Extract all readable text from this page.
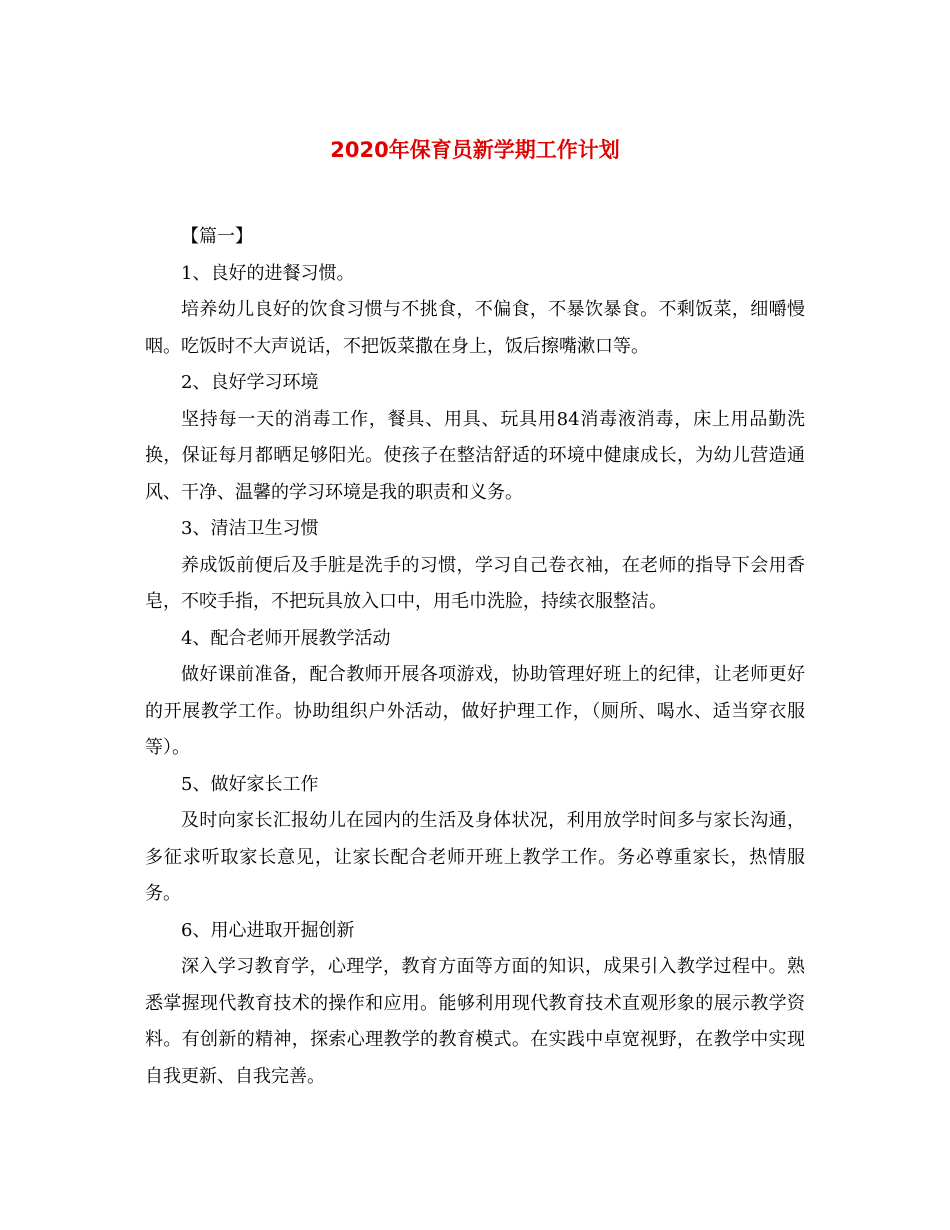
2020年保育员新学期工作计划

【篇一】

1、良好的进餐习惯。

培养幼儿良好的饮食习惯与不挑食，不偏食，不暴饮暴食。不剩饭菜，细嚼慢咽。吃饭时不大声说话，不把饭菜撒在身上，饭后擦嘴漱口等。

2、良好学习环境

坚持每一天的消毒工作，餐具、用具、玩具用84消毒液消毒，床上用品勤洗换，保证每月都晒足够阳光。使孩子在整洁舒适的环境中健康成长，为幼儿营造通风、干净、温馨的学习环境是我的职责和义务。

3、清洁卫生习惯

养成饭前便后及手脏是洗手的习惯，学习自己卷衣袖，在老师的指导下会用香皂，不咬手指，不把玩具放入口中，用毛巾洗脸，持续衣服整洁。

4、配合老师开展教学活动

做好课前准备，配合教师开展各项游戏，协助管理好班上的纪律，让老师更好的开展教学工作。协助组织户外活动，做好护理工作，（厕所、喝水、适当穿衣服等）。

5、做好家长工作

及时向家长汇报幼儿在园内的生活及身体状况，利用放学时间多与家长沟通，多征求听取家长意见，让家长配合老师开班上教学工作。务必尊重家长，热情服务。

6、用心进取开掘创新

深入学习教育学，心理学，教育方面等方面的知识，成果引入教学过程中。熟悉掌握现代教育技术的操作和应用。能够利用现代教育技术直观形象的展示教学资料。有创新的精神，探索心理教学的教育模式。在实践中卓宽视野，在教学中实现自我更新、自我完善。
